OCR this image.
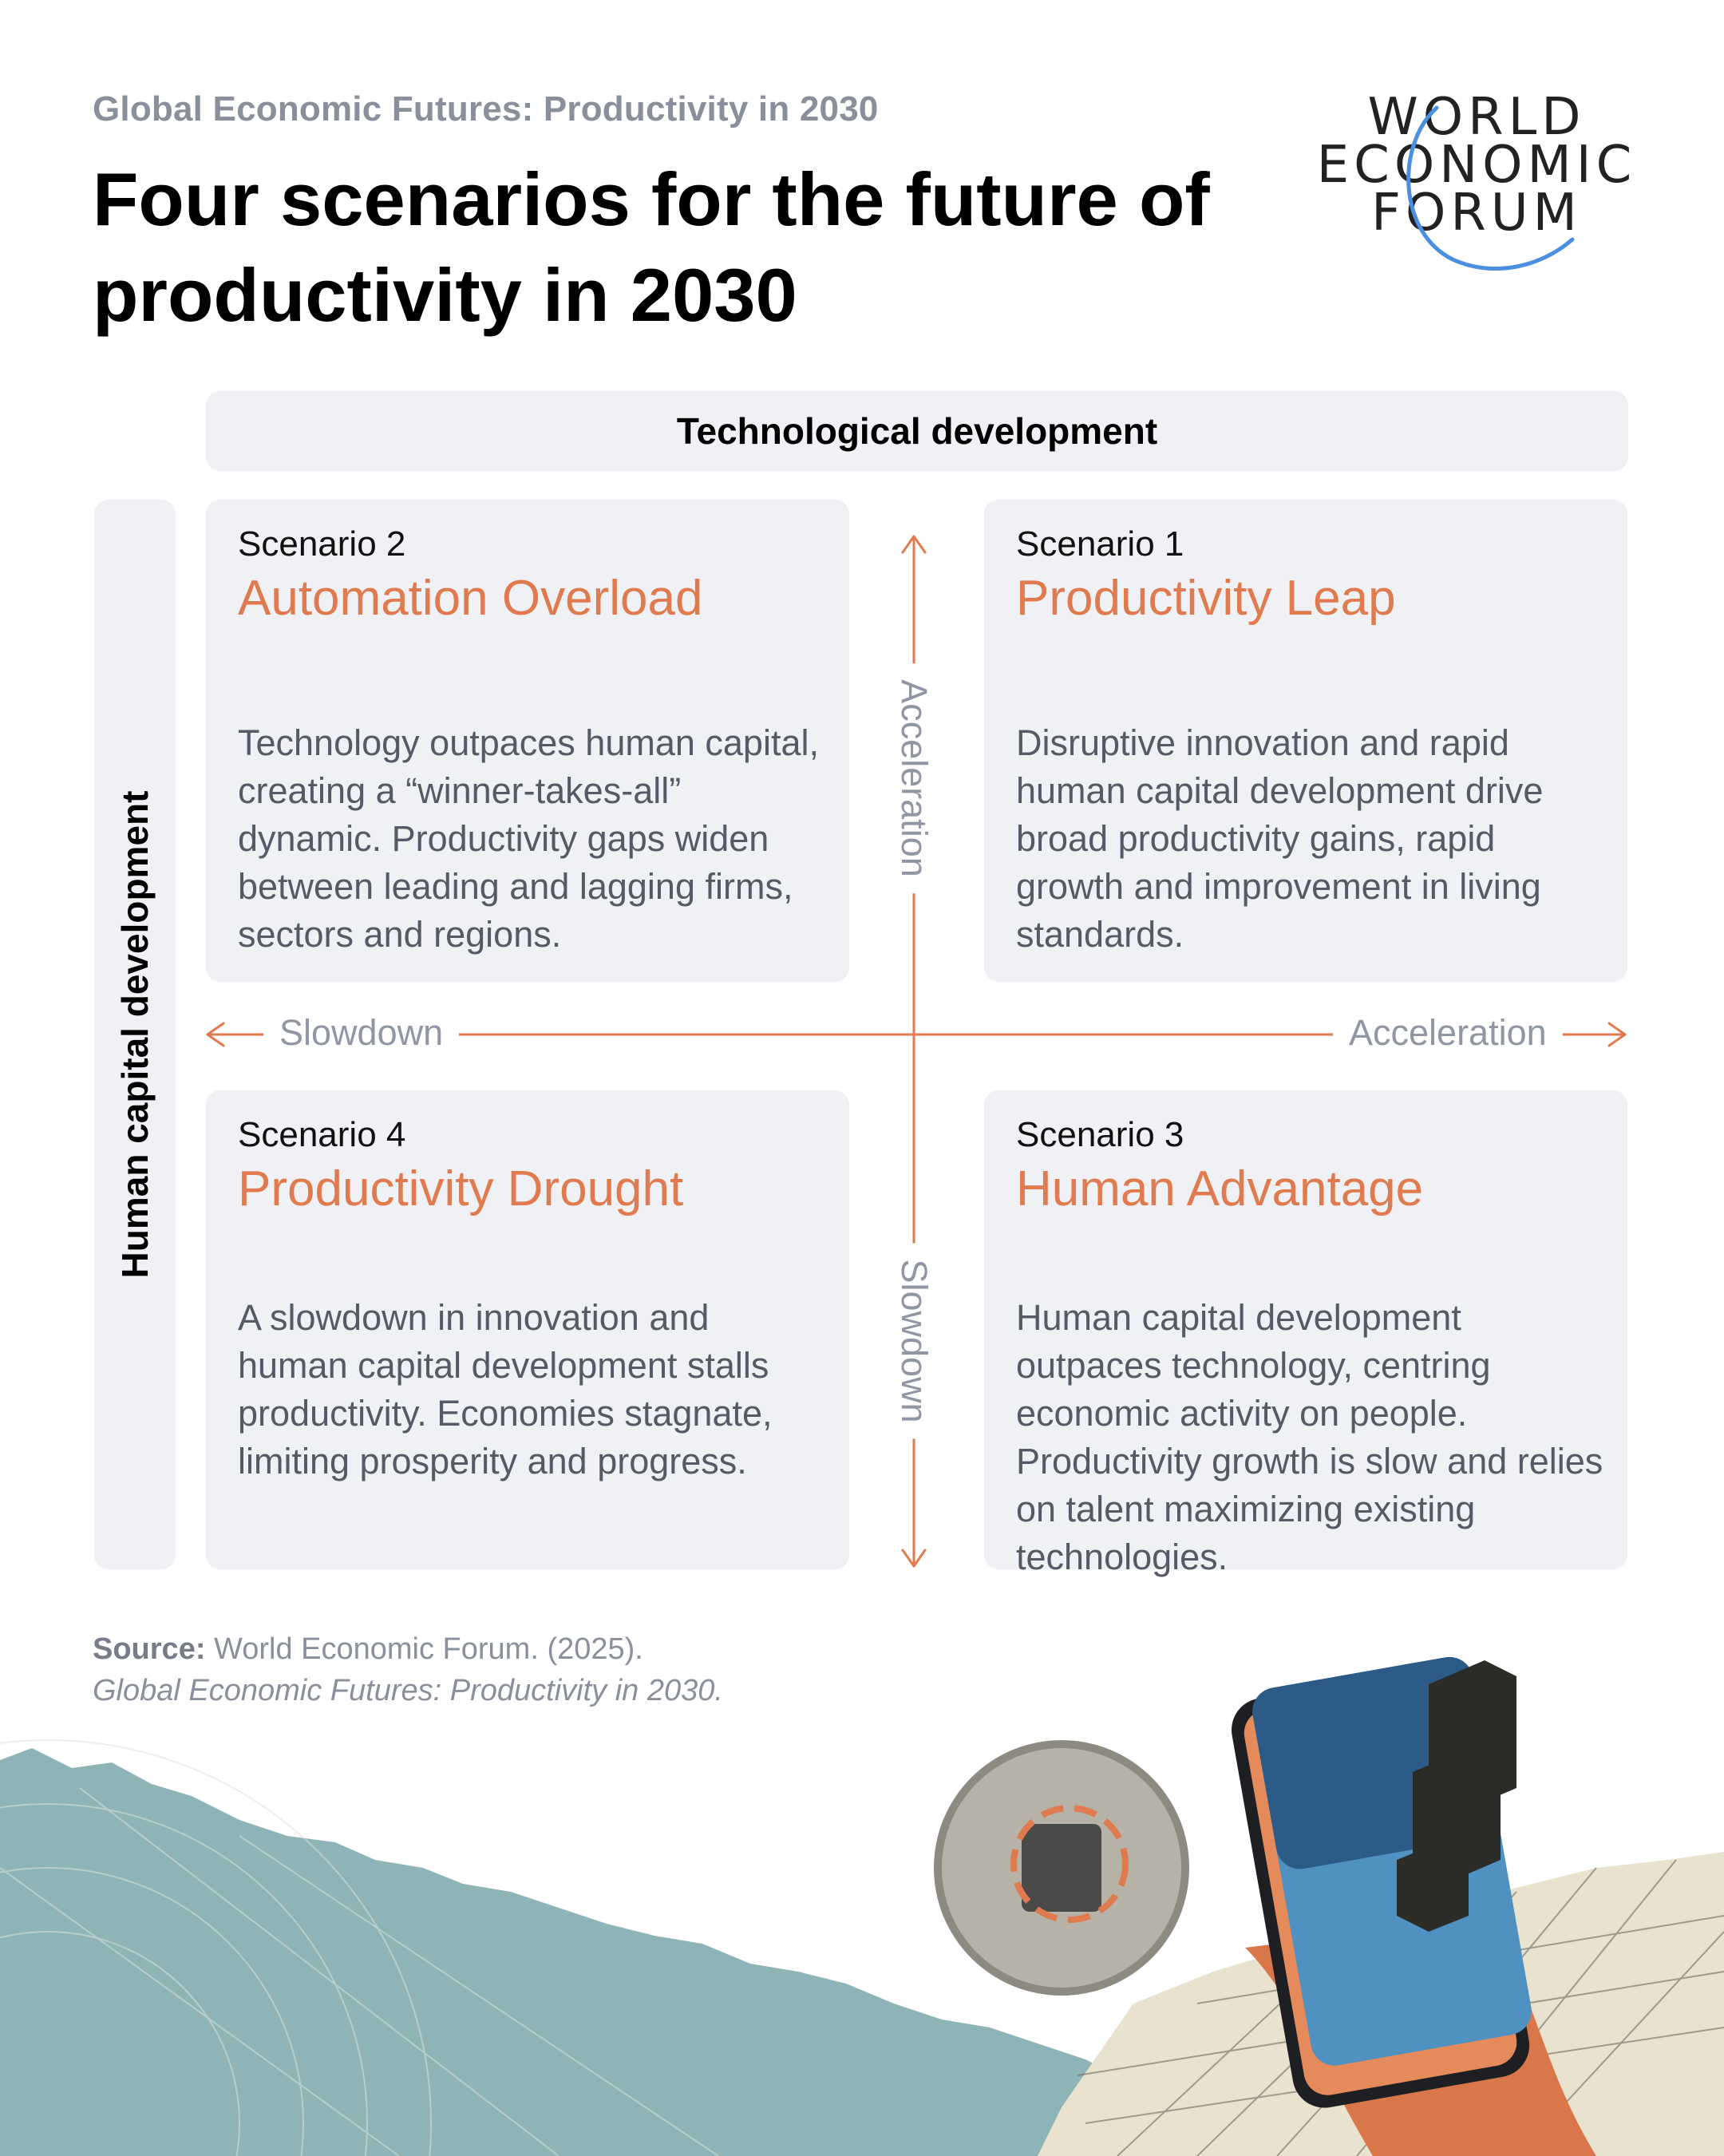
Global Economic Futures: Productivity in 2030
Four scenarios for the future of productivity in 2030
WORLD
ECONOMIC
FORUM
Technological development
Human capital development	Slowdown	Acceleration
Acceleration
Slowdown
Scenario 2
Automation Overload
Technology outpaces human capital, creating a “winner-takes-all” dynamic. Productivity gaps widen between leading and lagging firms, sectors and regions.
Scenario 1
Productivity Leap
Disruptive innovation and rapid human capital development drive broad productivity gains, rapid growth and improvement in living standards.
Scenario 4
Productivity Drought
A slowdown in innovation and human capital development stalls productivity. Economies stagnate, limiting prosperity and progress.
Scenario 3
Human Advantage
Human capital development outpaces technology, centring economic activity on people. Productivity growth is slow and relies on talent maximizing existing technologies.
Source: World Economic Forum. (2025).
Global Economic Futures: Productivity in 2030.
